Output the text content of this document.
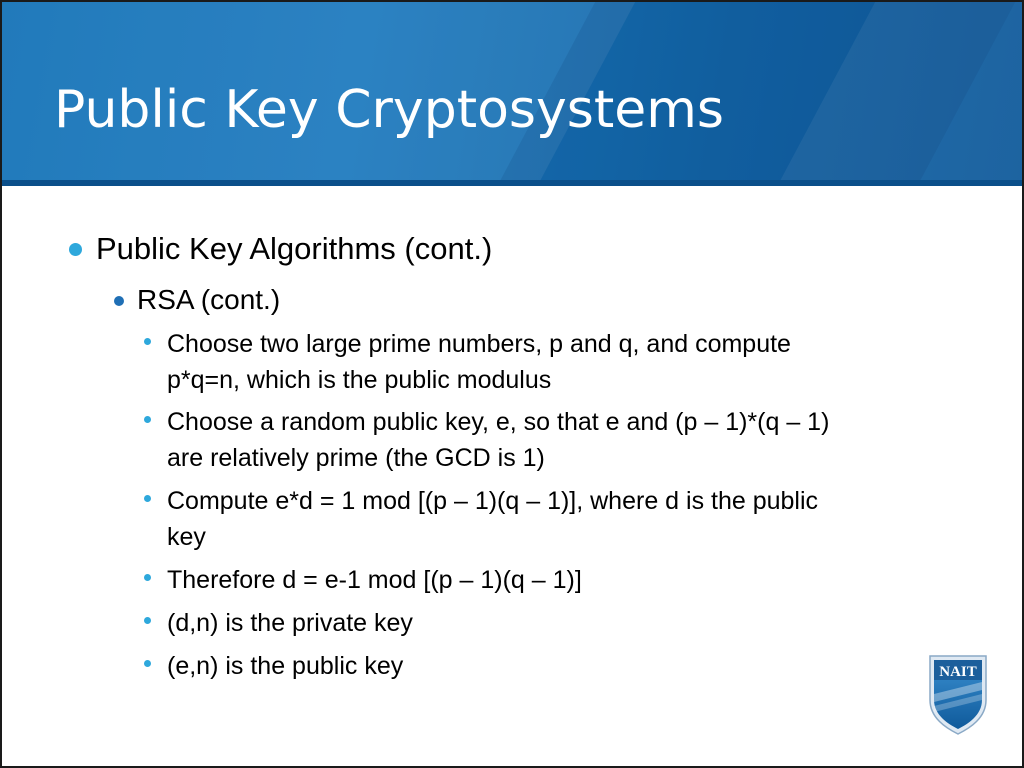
Public Key Cryptosystems
Public Key Algorithms (cont.)
RSA (cont.)
Choose two large prime numbers, p and q, and compute
p*q=n, which is the public modulus
Choose a random public key, e, so that e and (p – 1)*(q – 1)
are relatively prime (the GCD is 1)
Compute e*d = 1 mod [(p – 1)(q – 1)], where d is the public
key
Therefore d = e-1 mod [(p – 1)(q – 1)]
(d,n) is the private key
(e,n) is the public key	NAIT
